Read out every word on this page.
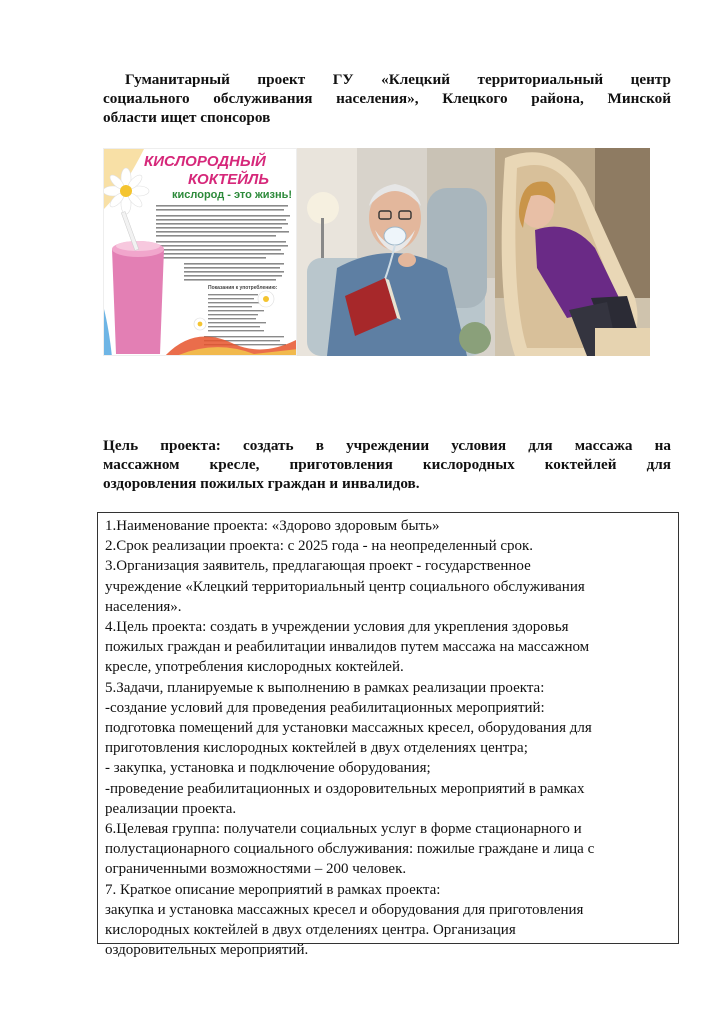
Гуманитарный проект ГУ «Клецкий территориальный центр
социального обслуживания населения», Клецкого района, Минской
области ищет спонсоров
КИСЛОРОДНЫЙ
КОКТЕЙЛЬ
кислород - это жизнь!
Показания к употреблению:
Цель проекта: создать в учреждении условия для массажа на
массажном кресле, приготовления кислородных коктейлей для
оздоровления пожилых граждан и инвалидов.

1.Наименование проекта: «Здорово здоровым быть»

2.Срок реализации проекта: с 2025 года - на неопределенный срок.

3.Организация заявитель, предлагающая проект - государственное

учреждение «Клецкий территориальный центр социального обслуживания

населения».

4.Цель проекта: создать в учреждении условия для укрепления здоровья

пожилых граждан и реабилитации инвалидов путем массажа на массажном

кресле, употребления кислородных коктейлей.

5.Задачи, планируемые к выполнению в рамках реализации проекта:

-создание условий для проведения реабилитационных мероприятий:

подготовка помещений для установки массажных кресел, оборудования для

приготовления кислородных коктейлей в двух отделениях центра;

- закупка, установка и подключение оборудования;

-проведение реабилитационных и оздоровительных мероприятий в рамках

реализации проекта.

6.Целевая группа: получатели социальных услуг в форме стационарного и

полустационарного социального обслуживания: пожилые граждане и лица с

ограниченными возможностями – 200 человек.

7. Краткое описание мероприятий в рамках проекта:

закупка и установка массажных кресел и оборудования для приготовления

кислородных коктейлей в двух отделениях центра. Организация

оздоровительных мероприятий.
